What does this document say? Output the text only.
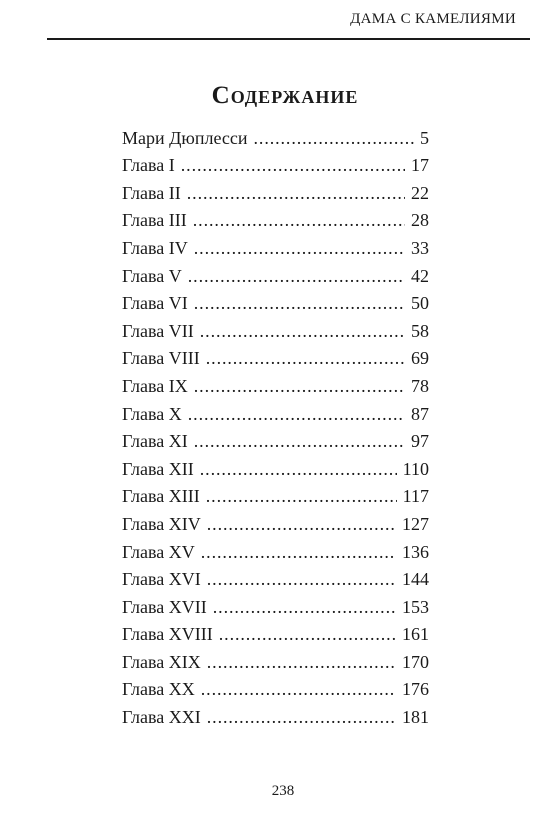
ДАМА С КАМЕЛИЯМИ
Содержание
Мари Дюплесси . . .	5
Глава I . . .	17
Глава II . . .	22
Глава III . . .	28
Глава IV . . .	33
Глава V . . .	42
Глава VI . . .	50
Глава VII . . .	58
Глава VIII . . .	69
Глава IX . . .	78
Глава X . . .	87
Глава XI . . .	97
Глава XII . . .	110
Глава XIII . . .	117
Глава XIV . . .	127
Глава XV . . .	136
Глава XVI . . .	144
Глава XVII . . .	153
Глава XVIII . . .	161
Глава XIX . . .	170
Глава XX . . .	176
Глава XXI . . .	181
238
